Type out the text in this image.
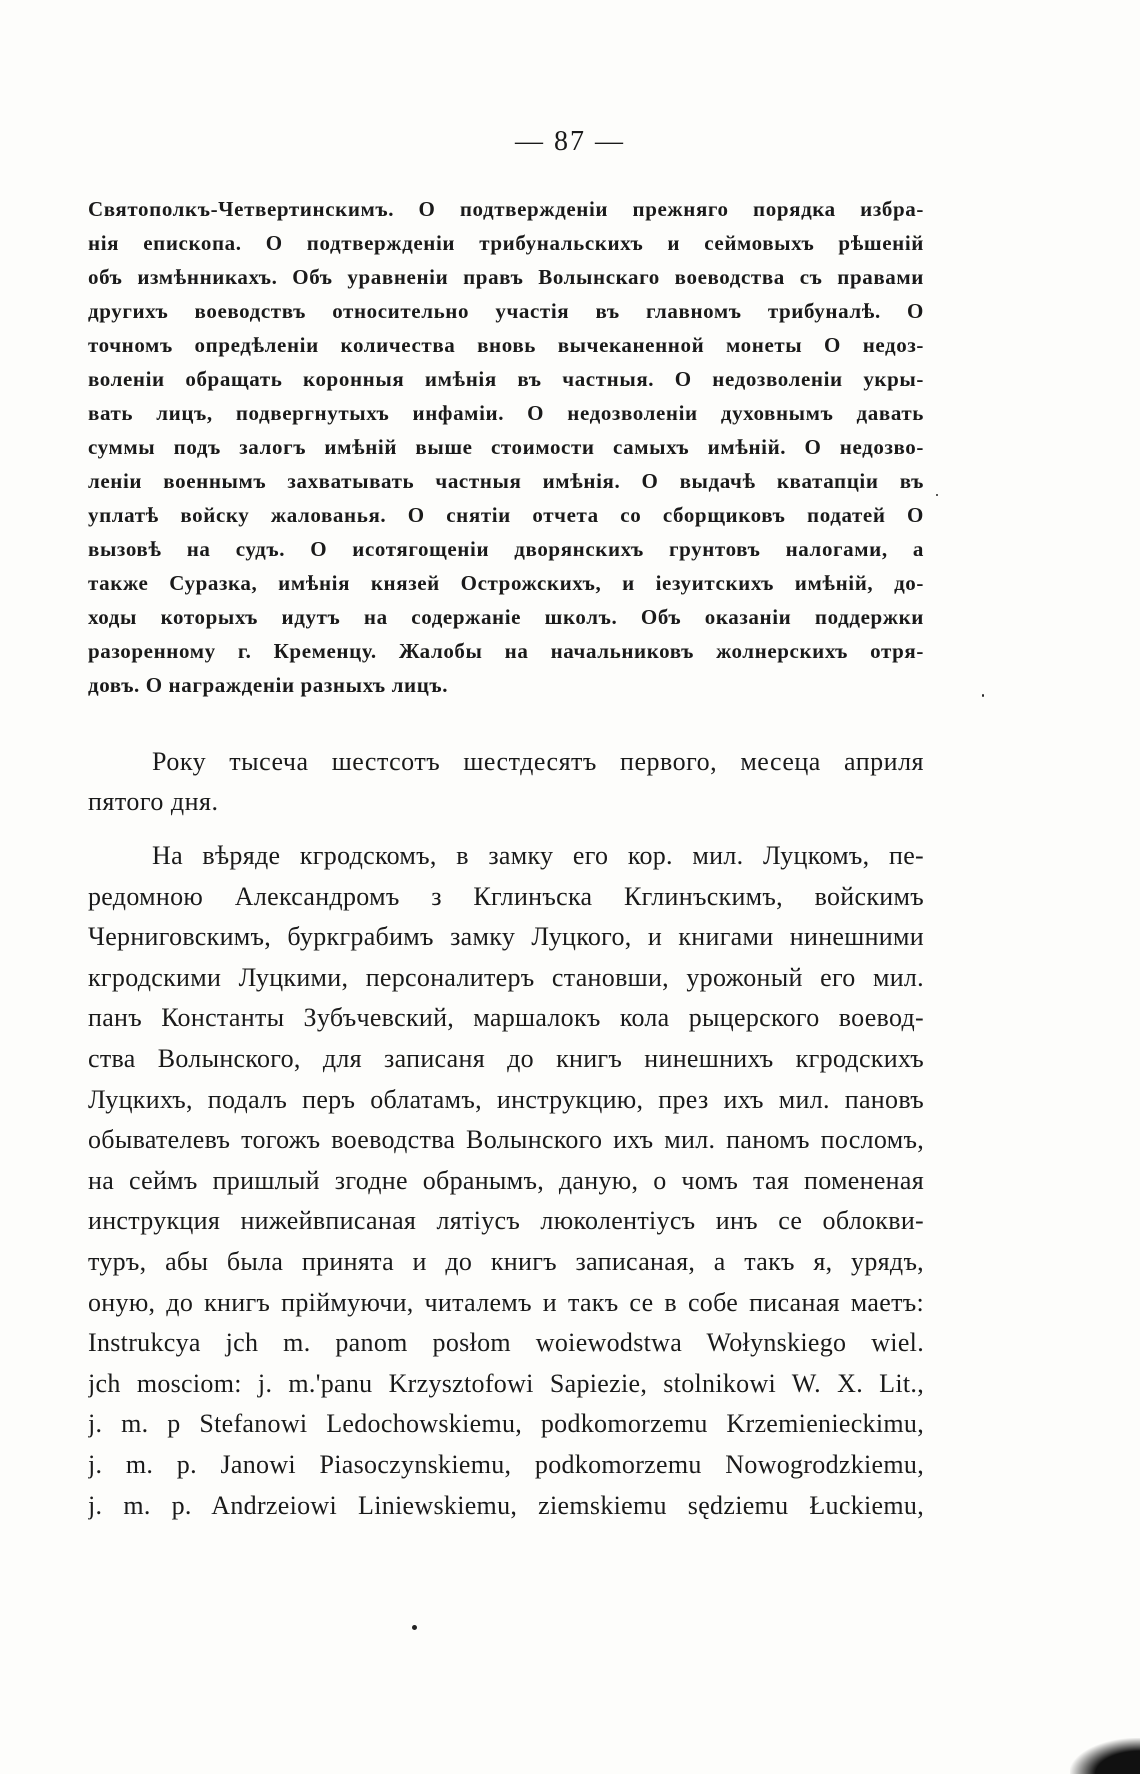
— 87 —
Святополкъ-Четвертинскимъ. О подтвержденіи прежняго порядка избра-
нія епископа. О подтвержденіи трибунальскихъ и сеймовыхъ рѣшеній
объ измѣнникахъ. Объ уравненіи правъ Волынскаго воеводства съ правами
другихъ воеводствъ относительно участія въ главномъ трибуналѣ. О
точномъ опредѣленіи количества вновь вычеканенной монеты О недоз-
воленіи обращать коронныя имѣнія въ частныя. О недозволеніи укры-
вать лицъ, подвергнутыхъ инфаміи. О недозволеніи духовнымъ давать
суммы подъ залогъ имѣній выше стоимости самыхъ имѣній. О недозво-
леніи военнымъ захватывать частныя имѣнія. О выдачѣ кватапціи въ
уплатѣ войску жалованья. О снятіи отчета со сборщиковъ податей О
вызовѣ на судъ. О исотягощеніи дворянскихъ грунтовъ налогами, а
также Суразка, имѣнія князей Острожскихъ, и іезуитскихъ имѣній, до-
ходы которыхъ идутъ на содержаніе школъ. Объ оказаніи поддержки
разоренному г. Кременцу. Жалобы на начальниковъ жолнерскихъ отря-
довъ. О награжденіи разныхъ лицъ.
Року тысеча шестсотъ шестдесятъ первого, месеца априля
пятого дня.
На вѣряде кгродскомъ, в замку его кор. мил. Луцкомъ, пе-
редомною Александромъ з Кглинъска Кглинъскимъ, войскимъ
Черниговскимъ, буркграбимъ замку Луцкого, и книгами нинешними
кгродскими Луцкими, персоналитеръ становши, урожоный его мил.
панъ Константы Зубъчевский, маршалокъ кола рыцерского воевод-
ства Волынского, для записаня до книгъ нинешнихъ кгродскихъ
Луцкихъ, подалъ перъ облатамъ, инструкцию, през ихъ мил. пановъ
обывателевъ тогожъ воеводства Волынского ихъ мил. паномъ посломъ,
на сеймъ пришлый згодне обранымъ, даную, о чомъ тая помененая
инструкция нижейвписаная лятіусъ люколентіусъ инъ се облокви-
туръ, абы была принята и до книгъ записаная, а такъ я, урядъ,
оную, до книгъ пріймуючи, читалемъ и такъ се в собе писаная маетъ:
Instrukcya jch m. panom posłom woiewodstwa Wołynskiego wiel.
jch mosciom: j. m.'panu Krzysztofowi Sapiezie, stolnikowi W. X. Lit.,
j. m. p Stefanowi Ledochowskiemu, podkomorzemu Krzemienieckimu,
j. m. p. Janowi Piasoczynskiemu, podkomorzemu Nowogrodzkiemu,
j. m. p. Andrzeiowi Liniewskiemu, ziemskiemu sędziemu Łuckiemu,
